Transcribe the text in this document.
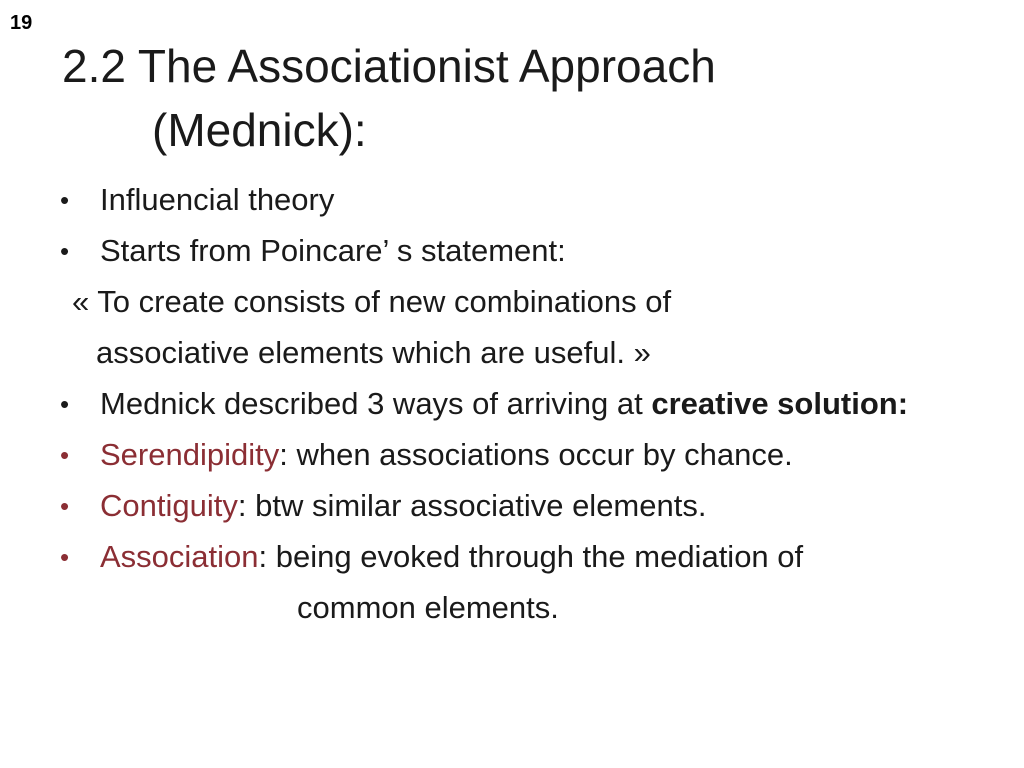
19
2.2 The Associationist Approach
(Mednick):
• Influencial theory
• Starts from Poincare’ s statement:
« To create consists of new combinations of
associative elements which are useful. »
• Mednick described 3 ways of arriving at creative solution:
• Serendipidity: when associations occur by chance.
• Contiguity: btw similar associative elements.
• Association: being evoked through the mediation of
common elements.
